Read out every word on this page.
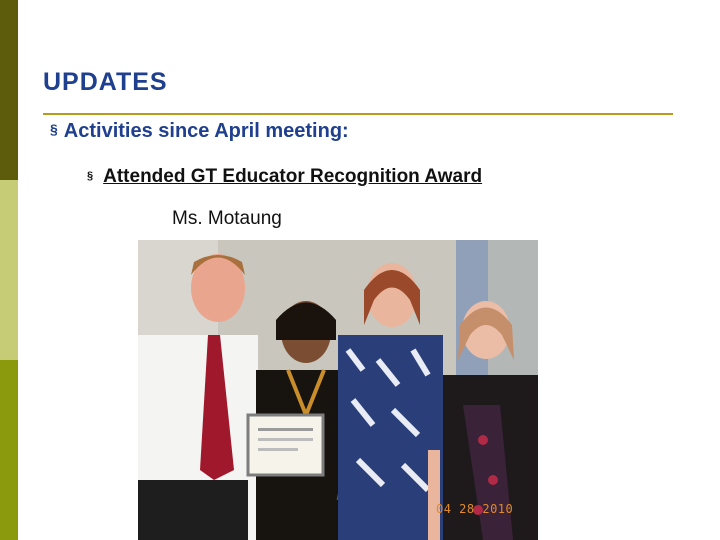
UPDATES
§ Activities since April meeting:
§ Attended GT Educator Recognition Award
Ms. Motaung
04 28 2010
